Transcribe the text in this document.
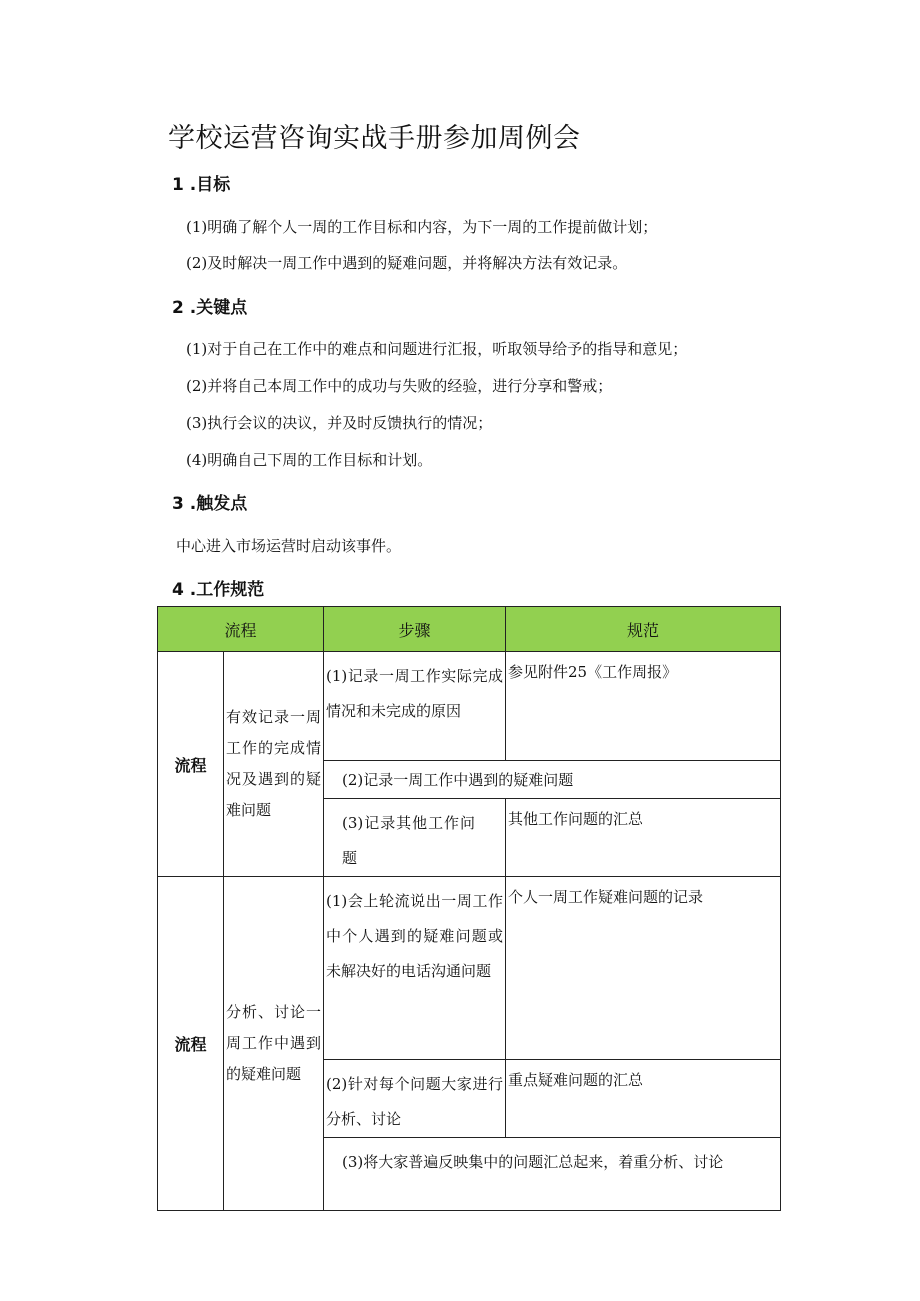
学校运营咨询实战手册参加周例会
1 .目标
(1)明确了解个人一周的工作目标和内容，为下一周的工作提前做计划；
(2)及时解决一周工作中遇到的疑难问题，并将解决方法有效记录。
2 .关键点
(1)对于自己在工作中的难点和问题进行汇报，听取领导给予的指导和意见；
(2)并将自己本周工作中的成功与失败的经验，进行分享和警戒；
(3)执行会议的决议，并及时反馈执行的情况；
(4)明确自己下周的工作目标和计划。
3 .触发点
中心进入市场运营时启动该事件。
4 .工作规范
流程		步骤	规范
流程	有效记录一周工作的完成情况及遇到的疑难问题	(1)记录一周工作实际完成情况和未完成的原因	参见附件25《工作周报》
		(2)记录一周工作中遇到的疑难问题	
		(3)记录其他工作问题	其他工作问题的汇总
流程	分析、讨论一周工作中遇到的疑难问题	(1)会上轮流说出一周工作中个人遇到的疑难问题或未解决好的电话沟通问题	个人一周工作疑难问题的记录
		(2)针对每个问题大家进行分析、讨论	重点疑难问题的汇总
		(3)将大家普遍反映集中的问题汇总起来，着重分析、讨论	
